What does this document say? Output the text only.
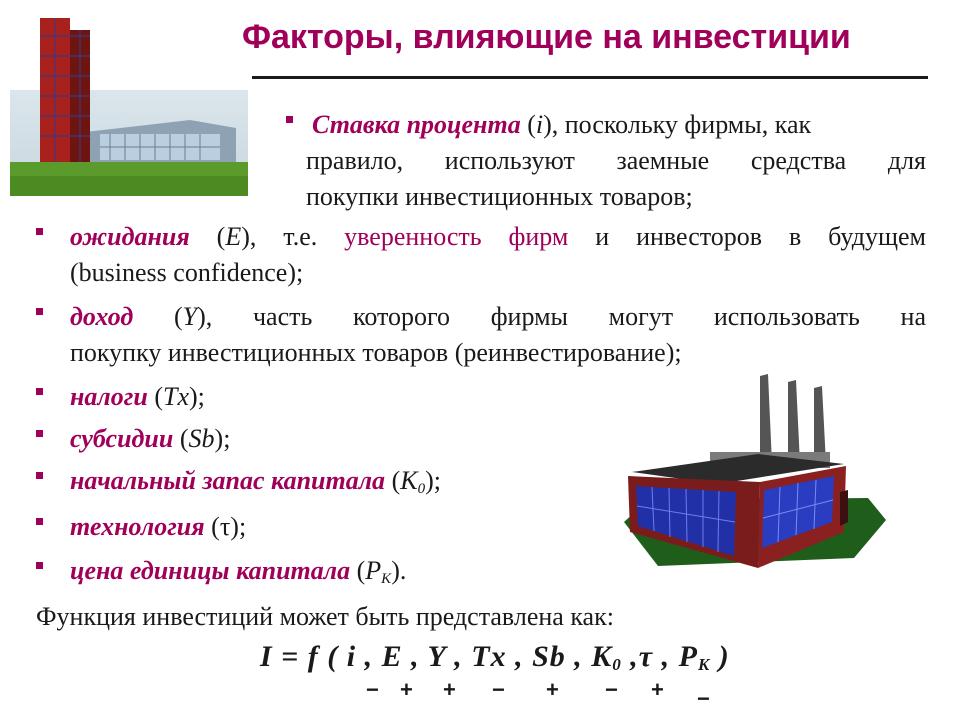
Факторы, влияющие на инвестиции
Ставка процента (i), поскольку фирмы, как
правило, используют заемные средства для
покупки инвестиционных товаров;
ожидания (E), т.е. уверенность фирм и инвесторов в будущем
(business confidence);
доход (Y), часть которого фирмы могут использовать на
покупку инвестиционных товаров (реинвестирование);
налоги (Tx);
субсидии (Sb);
начальный запас капитала $(K_0)$;
технология (τ);
цена единицы капитала $(P_K)$.
Функция инвестиций может быть представлена как:
I = f ( i , E , Y , Tx , Sb , $K_0$ ,τ , $P_K$ )
− + + − + − + −
